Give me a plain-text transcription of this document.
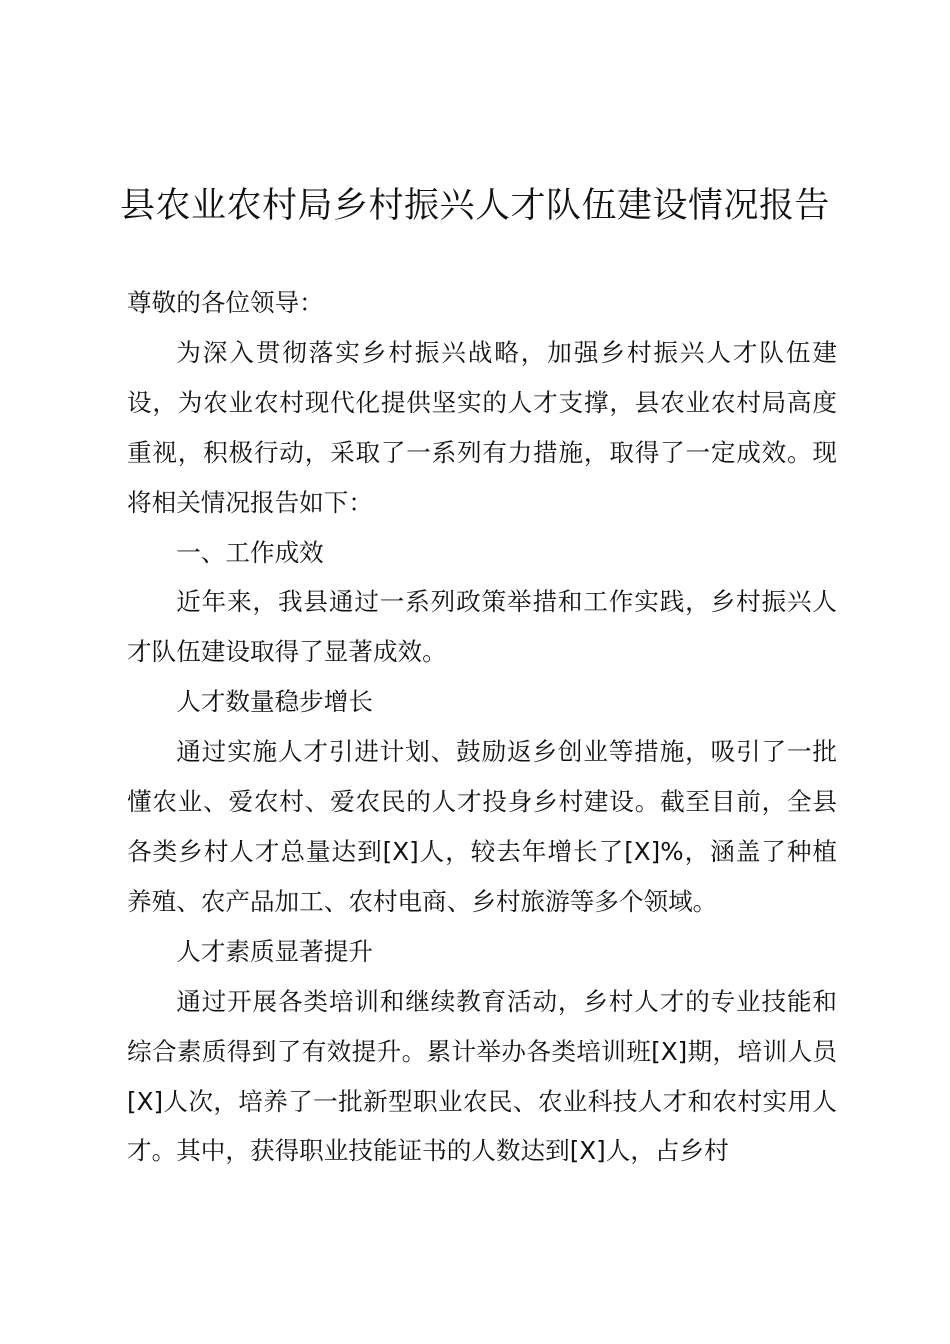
县农业农村局乡村振兴人才队伍建设情况报告

尊敬的各位领导：

为深入贯彻落实乡村振兴战略，加强乡村振兴人才队伍建设，为农业农村现代化提供坚实的人才支撑，县农业农村局高度重视，积极行动，采取了一系列有力措施，取得了一定成效。现将相关情况报告如下：

一、工作成效

近年来，我县通过一系列政策举措和工作实践，乡村振兴人才队伍建设取得了显著成效。

人才数量稳步增长

通过实施人才引进计划、鼓励返乡创业等措施，吸引了一批懂农业、爱农村、爱农民的人才投身乡村建设。截至目前，全县各类乡村人才总量达到[X]人，较去年增长了[X]%，涵盖了种植养殖、农产品加工、农村电商、乡村旅游等多个领域。

人才素质显著提升

通过开展各类培训和继续教育活动，乡村人才的专业技能和综合素质得到了有效提升。累计举办各类培训班[X]期，培训人员[X]人次，培养了一批新型职业农民、农业科技人才和农村实用人才。其中，获得职业技能证书的人数达到[X]人，占乡村
